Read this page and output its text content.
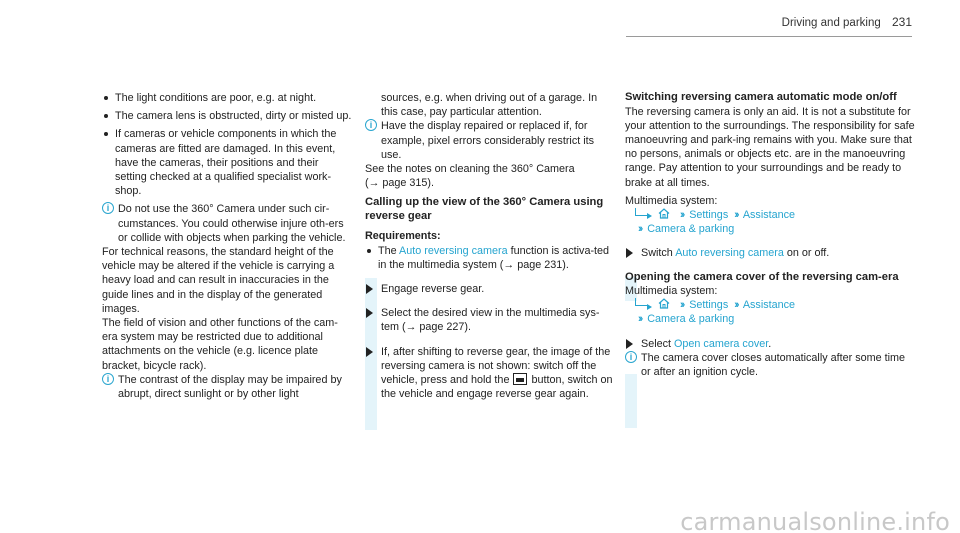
Driving and parking 231
The light conditions are poor, e.g. at night.
The camera lens is obstructed, dirty or misted up.
If cameras or vehicle components in which the cameras are fitted are damaged. In this event, have the cameras, their positions and their setting checked at a qualified specialist work-shop.
i Do not use the 360° Camera under such cir-cumstances. You could otherwise injure oth-ers or collide with objects when parking the vehicle.
For technical reasons, the standard height of the vehicle may be altered if the vehicle is carrying a heavy load and can result in inaccuracies in the guide lines and in the display of the generated images.
The field of vision and other functions of the cam-era system may be restricted due to additional attachments on the vehicle (e.g. licence plate bracket, bicycle rack).
i The contrast of the display may be impaired by abrupt, direct sunlight or by other light
sources, e.g. when driving out of a garage. In this case, pay particular attention.
i Have the display repaired or replaced if, for example, pixel errors considerably restrict its use.
See the notes on cleaning the 360° Camera
(→ page 315).
Calling up the view of the 360° Camera using reverse gear
Requirements:
The Auto reversing camera function is activa-ted in the multimedia system (→ page 231).
Engage reverse gear.
Select the desired view in the multimedia sys-tem (→ page 227).
If, after shifting to reverse gear, the image of the reversing camera is not shown: switch off the vehicle, press and hold the button, switch on the vehicle and engage reverse gear again.
Switching reversing camera automatic mode on/off
The reversing camera is only an aid. It is not a substitute for your attention to the surroundings. The responsibility for safe manoeuvring and park-ing remains with you. Make sure that no persons, animals or objects etc. are in the manoeuvring range. Pay attention to your surroundings and be ready to brake at all times.
Multimedia system:
›› Settings ›› Assistance
›› Camera & parking
Switch Auto reversing camera on or off.
Opening the camera cover of the reversing cam-era
Multimedia system:
›› Settings ›› Assistance
›› Camera & parking
Select Open camera cover.
i The camera cover closes automatically after some time or after an ignition cycle.
carmanualsonline.info
